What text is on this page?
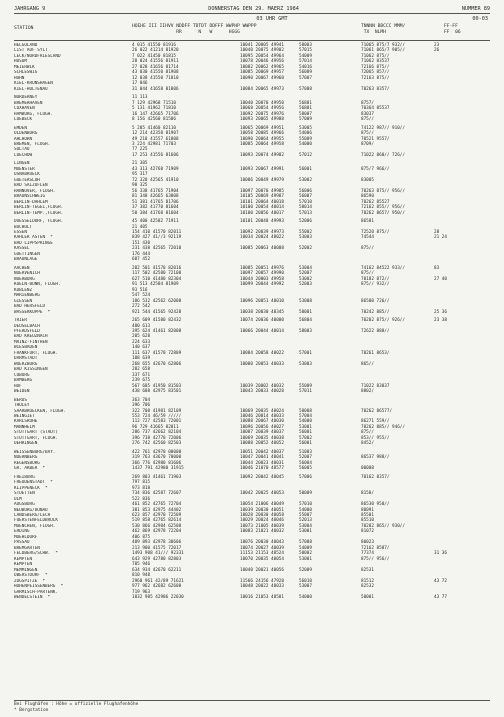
JAHRGANG 9	DONNERSTAG DEN 29. MAERZ 1984	NUMMER 89
03 UHR GMT	00-03
STATION	HOEHE III IIHVV NDDFF TDTDT DDFFF WWPHP WWPPP
RR      N   W      HGGG
TNNNN BBCCC MMM/
TX  NLMH
FF-FF
FF  06
HELGOLAND	4 015 41550 81916	10041 20005 49941	58003	71065 875/7 932//	23
LIST AUF SYLT	26 022 41214 81920	10040 20075 49902	57015	71061 865/7 905//	26
LECK/NORDFRIESLAND	7 022 41450 81815	10095 20054 49964	54009	71062 875//
HUSUM	28 024 41556 81911	10078 20046 49956	57014	71062 83537
MEIERWIK	27 028 41656 81714	10082 20062 49965	54016	72166 875//
SCHLESWIG	43 030 41550 81908	10085 20069 49957	56009	72065 857//
HOHN	12 038 41550 71810	10090 20067 49960	57007	72163 875//
KIEL-KRONSHAGEN	17 046
KIEL-HOLTENAU	31 044 41658 81806	10084 20065 49973	57008	70263 8357/
NORDERNEY	11 113
BREMERHAVEN	7 129 42968 71510	10040 20070 49950	56801	8757/
CUXHAVEN	5 131 41962 71810	10068 20054 49956	56801	70364 85537
HAMBURG, FLUGH.	16 147 42665 71706	10092 20075 49976	58007	83037
LUEBECK	8 156 42560 81506	10093 20065 49988	57009	875//
EMDEN	5 205 41460 82110	10065 20069 49951	53005	74122 987// 910//
OLDENBURG	12 214 42358 81907	10058 20085 49966	54006	875//
AHLHORN	49 218 41557 61808	10090 20064 49955	55009	70521 9557/
BREMEN, FLUGH.	3 224 42981 71703	10085 20064 49958	54000	8709/
SOLTAU	77 225
LUECHOW	17 253 41556 81606	10093 20074 49982	57012	71022 860// 726//
LINGEN	21 305
MUENSTER	43 313 42768 71909	10093 20067 49991	56001	875/7 966//
OSNABRUECK	95 317
GUETERSLOH	72 320 42565 41910	10086 20049 49979	53002	83005
BAD SALZUFLEN	98 325
HANNOVER, FLUGH.	56 338 41765 71904	10097 20070 49985	56006	70263 875// 956//
BRAUNSCHWEIG	81 348 42665 63008	10105 20069 49987	56007	86590
BERLIN-DAHLEM	51 381 41765 81706	10101 20064 40018	57010	70262 85527
BERLIN-TEGEL,FLUGH.	37 382 41770 81604	10100 20054 40014	58014	72162 855// 956//
BERLIN-TEMP.,FLUGH.	50 384 41768 81604	10100 20056 40017	57013	70262 8657/ 950//
DUESSELDORF, FLUGH.	45 400 42582 71911	10101 20048 49993	52006	86581
BOCHOLT	21 405
ESSEN	154 410 41570 82011	10092 20039 49973	55002	72520 875//	28
KAHLER ASTEN  *	839 427 41//3 92119	10034 20024 48022	53003	74544	21 24
BAD LIPPSPRINGE	151 430
KASSEL	231 438 42565 72010	10085 20063 40008	52002	875//
GOETTINGEN	176 444
BRAUNLAGE	607 452
AACHEN	202 501 41570 82016	10085 20051 49976	53004	74162 84522 933//	83
NOERVENICH	117 502 42580 72108	10097 20057 49990	52007	875//
NUERBURG	627 510 41480 82304	10044 20003 49958	53002	70182 872//	27 40
KOELN-BONN, FLUGH.	91 513 42584 81909	10099 20044 49992	52003	875// 932//
KOBLENZ	93 516
MARIENBERG	547 524
GIESSEN	186 532 42562 62008	10096 20051 40010	53008	86500 726//
BAD HERSFELD	272 542
WASSERKUPPE  *	921 544 41565 92428	10038 20030 48345	50001	70242 885//	25 36
TRIER	265 609 41580 82432	10074 20036 40000	56804	70282 875// 926//	23 38
DEUSELBACH	480 613
PFERDSFELD	395 624 41461 82008	10066 20044 40014	58003	72622 888//
BAD KREUZNACH	205 628
MAINZ-FINTHEN	224 633
WIESBADEN	140 637
FRANKFURT, FLUGH.	111 637 41570 72809	10084 20058 40022	57001	70261 8653/
DARMSTADT	108 639
WUERZBURG	268 655 42670 62806	10080 20053 40033	53003	865//
BAD KISSINGEN	282 658
COBURG	337 671
BAMBERG	239 675
HOF	567 685 41950 81503	10039 20002 40032	55009	71022 83037
WEIDEN	438 688 42975 83501	10043 20033 40028	57011	8802/
BERUS	363 704
THOLEY	396 706
SAARBRUECKEN, FLUGH.	322 708 41981 82109	10069 20035 40024	50008	70262 86577/
WEINGIET	553 724 46/59 /////	10046 20014 40033	57004
KARLSRUHE	112 727 42583 72001	10088 20067 40030	54000	86271 559//
MANNHEIM	96 729 41665 82011	10096 20056 40027	53001	70262 885// 946//
STUTTGART (STADT)	286 737 42662 82104	10087 20039 40037	56001	875//
STUTTGART, FLUGH.	396 738 42770 72006	10069 20035 40038	57002	853// 955//
OEHRINGEN	276 742 42560 82503	10088 20052 40052	56001	8452/
WEISSENBURG/BAY.	422 761 42970 00000	10051 20042 40037	51003
NUERNBERG	319 763 43670 70000	10047 20041 40041	52007	86537 988//
REGENSBURG	366 776 42980 81606	10044 20023 40031	56004
GR. ARBER  *	1437 791 42980 31915	10046 21070 48577	56005	00008
FREIBURG	269 803 41461 71903	10092 20042 40045	57006	70162 8357/
FREUDENSTADT  *	797 815
KLIPPENECK  *	973 818
STOETTEN	734 836 42587 72607	10042 20025 40053	50009	8150/
ULM	522 836
AUGSBURG	461 852 42765 72704	10054 21006 40049	57010	86530 950//
NEUBURG/DONAU	381 853 42975 44402	10039 20030 40051	54000	80091
LANDSBERG/LECH	623 857 42970 72509	10028 20030 40058	55007	85501
FUERSTENFELDBRUCK	519 858 42765 82614	10029 20024 40046	52013	85510
MUENCHEN, FLUGH.	530 866 42984 62508	10073 21005 40039	53004	70282 865// 930//
ERDING	462 869 42978 72204	10083 21021 40032	53001	81072
MUEHLDORF	406 875
PASSAU	409 893 42978 30606	10076 20030 40043	57008	80023
BREMGARTEN	213 900 41575 72017	10074 20027 40039	54009	72162 8587/
FELDBERG/SCHW.  *	1493 908 41/// 92331	11153 21153 48524	50002	77374	31 36
KEMPTEN	643 929 42780 82803	10070 20035 40054	53001	875// 956//
KEMPTEN	705 946
MEMMINGEN	634 934 42670 62211	10040 20021 40056	52009	82531
OBERSTDORF  *	810 948
ZUGSPITZE  *	2960 961 42/89 71621	11566 24156 47928	56010	81512	43 72
HOHENPEISSENBERG  *	977 962 42682 62608	10048 20022 40033	53007	82532
GARMISCH-PARTENK.	719 963
WENDELSTEIN  *	1832 985 42986 22030	10016 21053 48581	54000	50001	43 77
Bei Flughäfen : Höhe = offizielle Flughafenhöhe
* Bergstation
